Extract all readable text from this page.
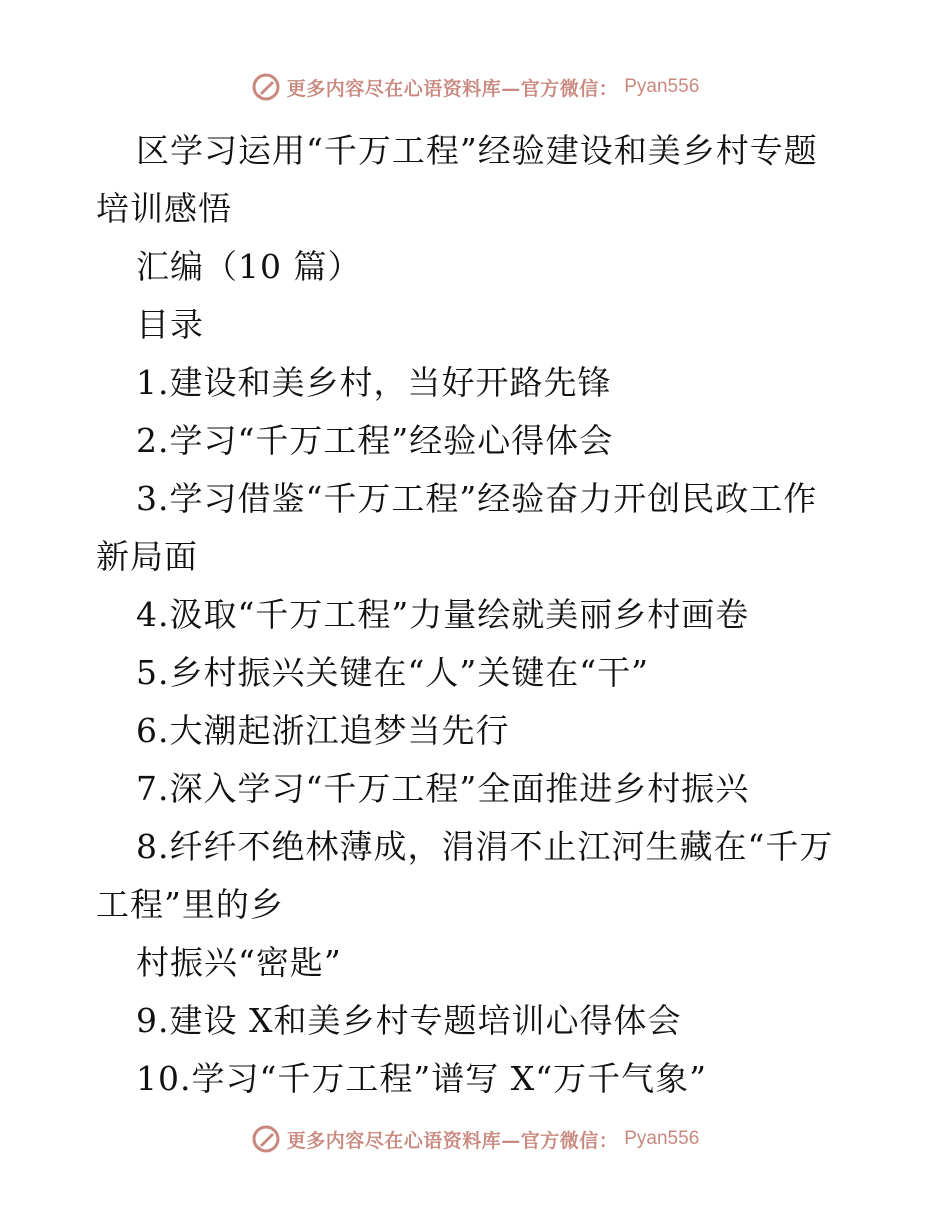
更多内容尽在心语资料库—官方微信： Pyan556
区学习运用“千万工程”经验建设和美乡村专题
培训感悟
汇编（10 篇）
目录
1.建设和美乡村，当好开路先锋
2.学习“千万工程”经验心得体会
3.学习借鉴“千万工程”经验奋力开创民政工作
新局面
4.汲取“千万工程”力量绘就美丽乡村画卷
5.乡村振兴关键在“人”关键在“干”
6.大潮起浙江追梦当先行
7.深入学习“千万工程”全面推进乡村振兴
8.纤纤不绝林薄成，涓涓不止江河生藏在“千万
工程”里的乡
村振兴“密匙”
9.建设 X和美乡村专题培训心得体会
10.学习“千万工程”谱写 X“万千气象”
更多内容尽在心语资料库—官方微信： Pyan556
